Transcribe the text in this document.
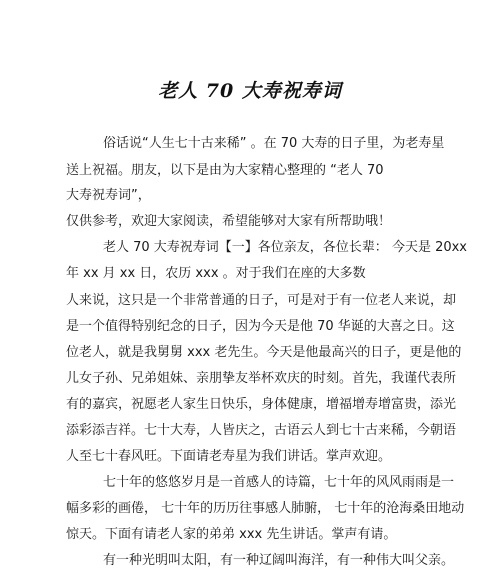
老人 70 大寿祝寿词
俗话说“人生七十古来稀” 。在 70 大寿的日子里，为老寿星
送上祝福。朋友，以下是由为大家精心整理的 “老人 70
大寿祝寿词”，
仅供参考，欢迎大家阅读，希望能够对大家有所帮助哦！
老人 70 大寿祝寿词【一】各位亲友，各位长辈： 今天是 20xx
年 xx 月 xx 日，农历 xxx 。对于我们在座的大多数
人来说，这只是一个非常普通的日子，可是对于有一位老人来说，却
是一个值得特别纪念的日子，因为今天是他 70 华诞的大喜之日。这
位老人，就是我舅舅 xxx 老先生。今天是他最高兴的日子，更是他的
儿女子孙、兄弟姐妹、亲朋挚友举杯欢庆的时刻。首先，我谨代表所
有的嘉宾，祝愿老人家生日快乐，身体健康，增福增寿增富贵，添光
添彩添吉祥。七十大寿，人皆庆之，古语云人到七十古来稀，今朝语
人至七十春风旺。下面请老寿星为我们讲话。掌声欢迎。
七十年的悠悠岁月是一首感人的诗篇，七十年的风风雨雨是一
幅多彩的画倦， 七十年的历历往事感人肺腑， 七十年的沧海桑田地动
惊天。下面有请老人家的弟弟 xxx 先生讲话。掌声有请。
有一种光明叫太阳，有一种辽阔叫海洋，有一种伟大叫父亲。
